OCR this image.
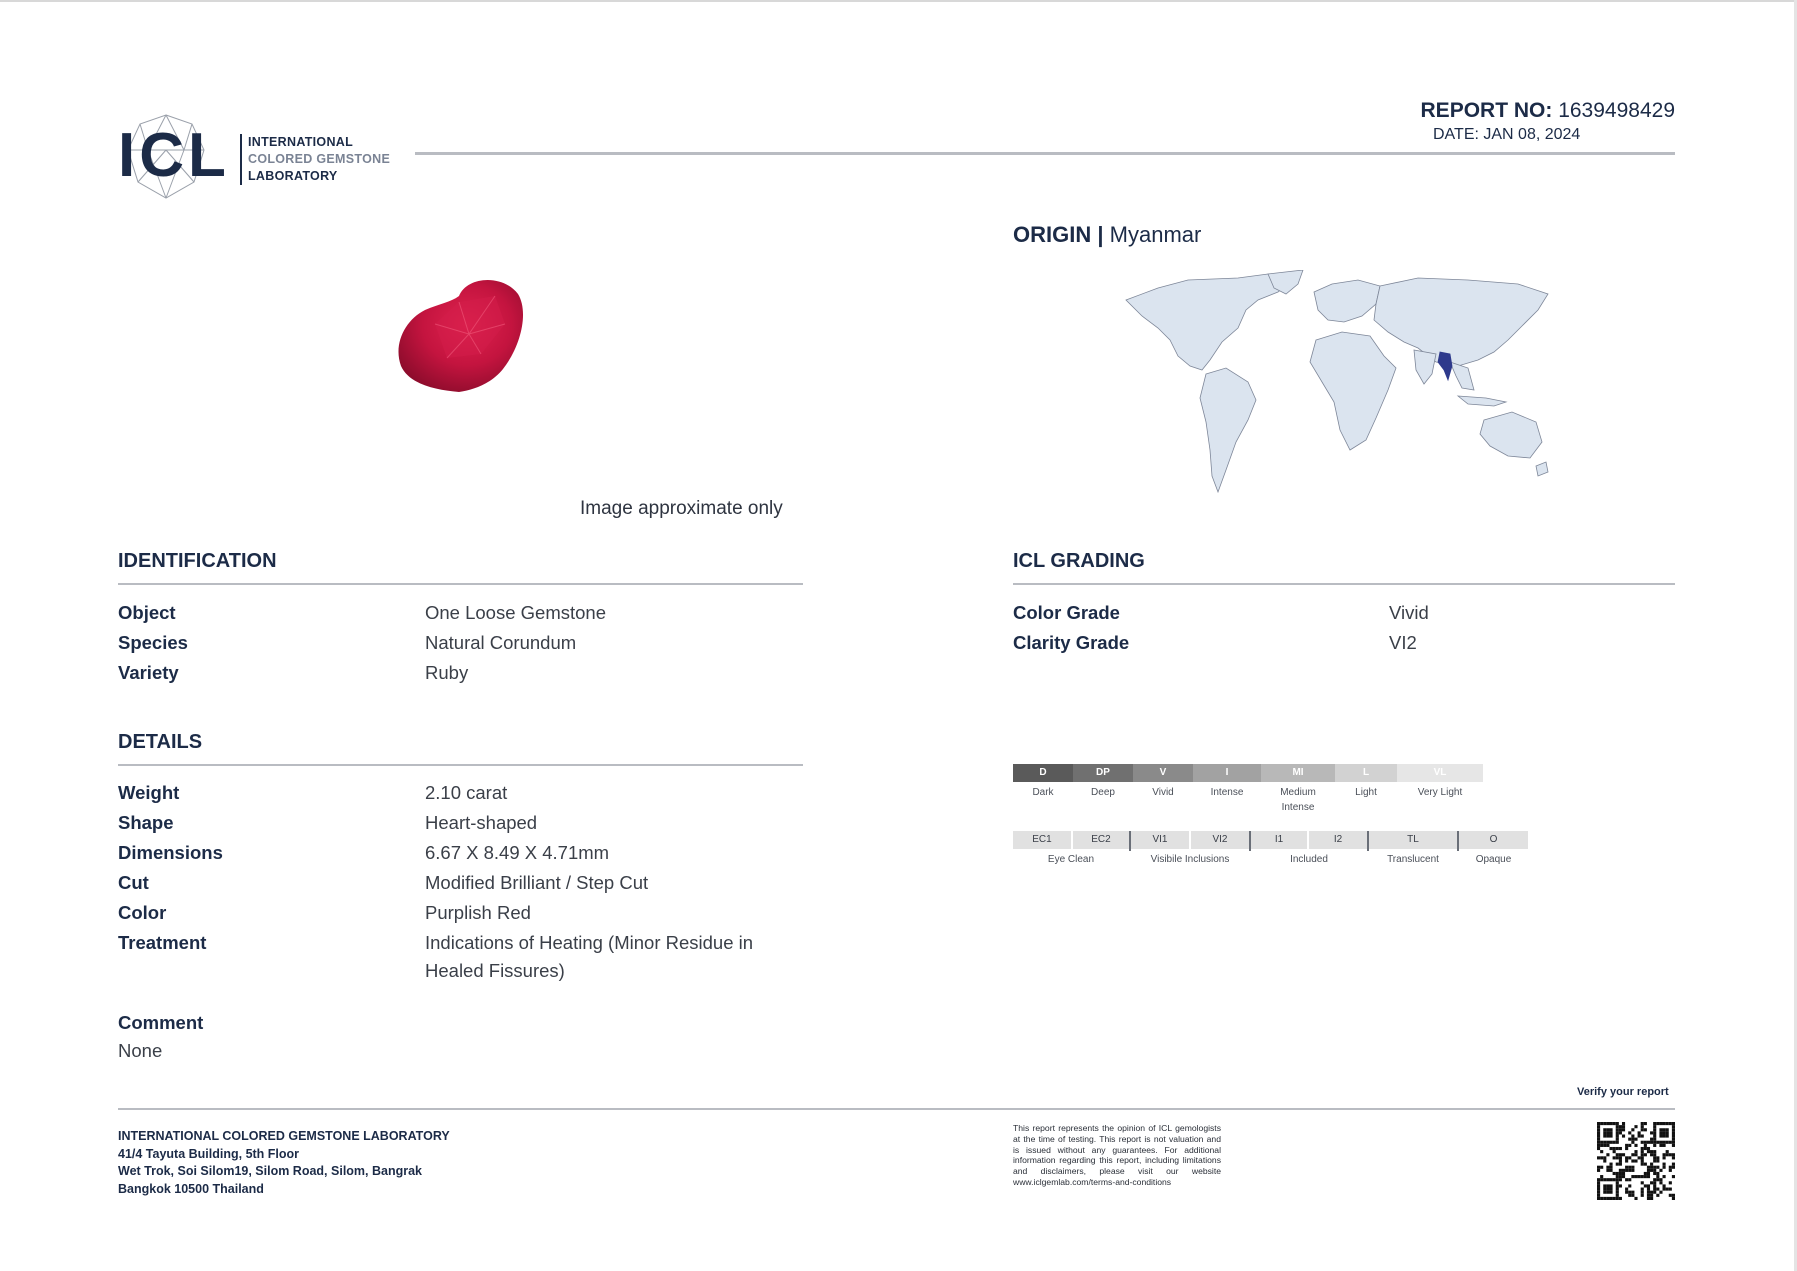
ICL INTERNATIONAL
COLORED GEMSTONE
LABORATORY
REPORT NO: 1639498429
DATE: JAN 08, 2024
Image approximate only
ORIGIN | Myanmar
IDENTIFICATION
Object	One Loose Gemstone
Species	Natural Corundum
Variety	Ruby
DETAILS
Weight	2.10 carat
Shape	Heart-shaped
Dimensions	6.67 X 8.49 X 4.71mm
Cut	Modified Brilliant / Step Cut
Color	Purplish Red
Treatment	Indications of Heating (Minor Residue in
Healed Fissures)
Comment
None
ICL GRADING
Color Grade	Vivid
Clarity Grade	VI2
D
Dark
DP
Deep
V
Vivid
I
Intense
MI
Medium
Intense
L
Light
VL
Very Light
EC1	EC2	VI1	VI2	I1	I2	TL	O
Eye Clean	Visibile Inclusions	Included	Translucent	Opaque
Verify your report
INTERNATIONAL COLORED GEMSTONE LABORATORY
41/4 Tayuta Building, 5th Floor
Wet Trok, Soi Silom19, Silom Road, Silom, Bangrak
Bangkok 10500 Thailand
This report represents the opinion of ICL gemologists at the time of testing. This report is not valuation and is issued without any guarantees. For additional information regarding this report, including limitations and disclaimers, please visit our website www.iclgemlab.com/terms-and-conditions
